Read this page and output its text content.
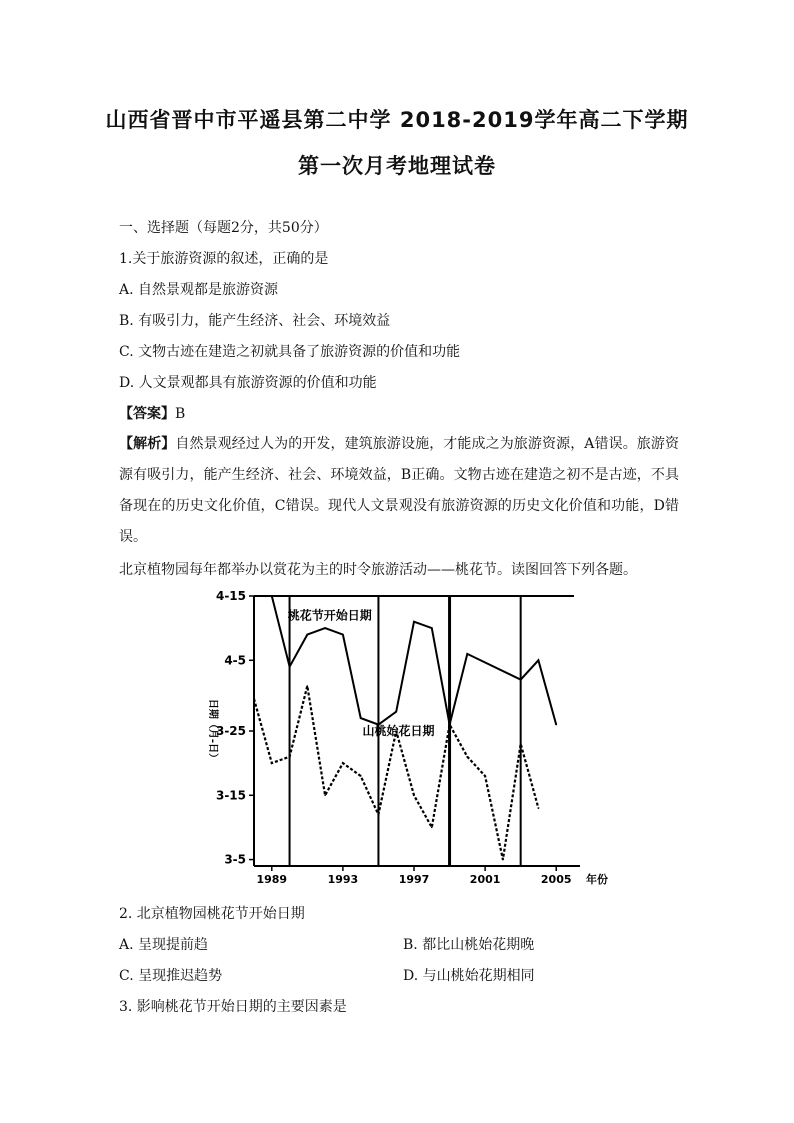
山西省晋中市平遥县第二中学 2018-2019学年高二下学期
第一次月考地理试卷
一、选择题（每题2分，共50分）
1.关于旅游资源的叙述，正确的是
A. 自然景观都是旅游资源
B. 有吸引力，能产生经济、社会、环境效益
C. 文物古迹在建造之初就具备了旅游资源的价值和功能
D. 人文景观都具有旅游资源的价值和功能
【答案】B
【解析】自然景观经过人为的开发，建筑旅游设施，才能成之为旅游资源，A错误。旅游资源有吸引力，能产生经济、社会、环境效益，B正确。文物古迹在建造之初不是古迹，不具备现在的历史文化价值，C错误。现代人文景观没有旅游资源的历史文化价值和功能，D错误。
北京植物园每年都举办以赏花为主的时令旅游活动——桃花节。读图回答下列各题。
4-15
4-5
3-25
3-15
3-5
1989	1993	1997	2001	2005 年份
日期（月-日）
桃花节开始日期
山桃始花日期
2. 北京植物园桃花节开始日期
A. 呈现提前趋	B. 都比山桃始花期晚
C. 呈现推迟趋势	D. 与山桃始花期相同
3. 影响桃花节开始日期的主要因素是
